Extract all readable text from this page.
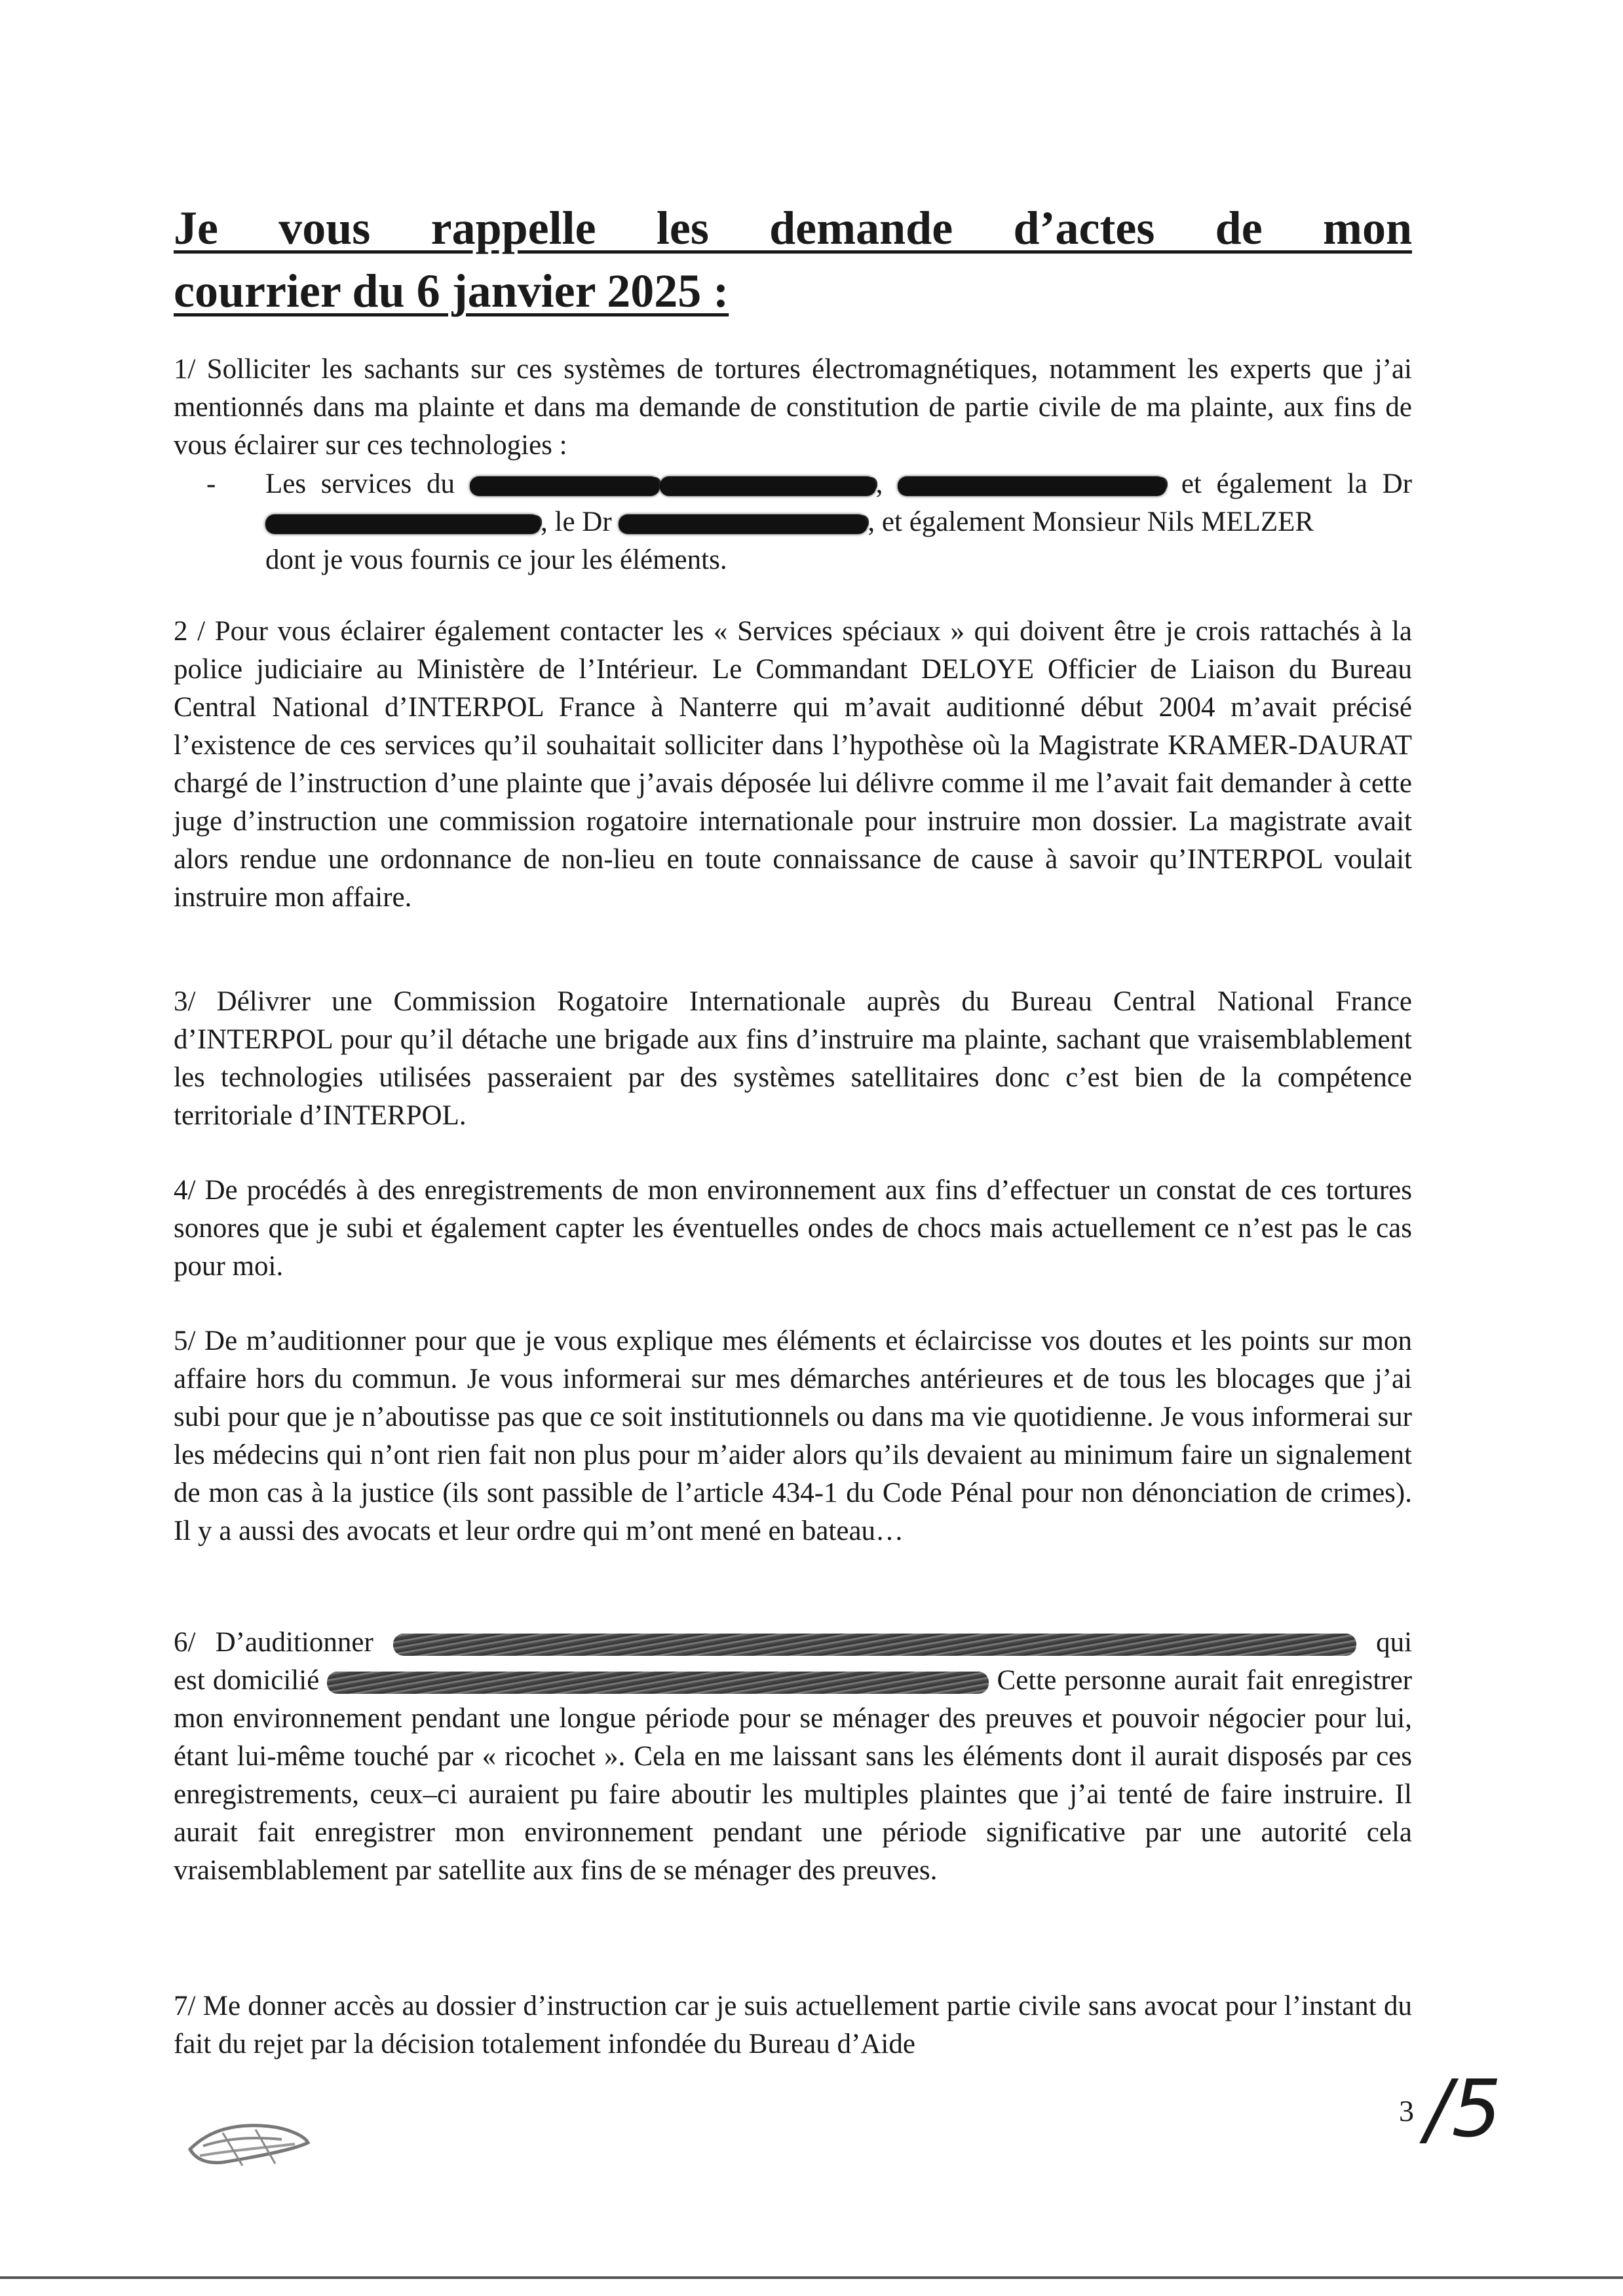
Je vous rappelle les demande d’actes de mon
courrier du 6 janvier 2025 :

1/ Solliciter les sachants sur ces systèmes de tortures électromagnétiques, notamment les experts que j’ai mentionnés dans ma plainte et dans ma demande de constitution de partie civile de ma plainte, aux fins de vous éclairer sur ces technologies :

- Les services du	,	et également la Dr
, le Dr	, et également Monsieur Nils MELZER
dont je vous fournis ce jour les éléments.

2 / Pour vous éclairer également contacter les « Services spéciaux » qui doivent être je crois rattachés à la police judiciaire au Ministère de l’Intérieur. Le Commandant DELOYE Officier de Liaison du Bureau Central National d’INTERPOL France à Nanterre qui m’avait auditionné début 2004 m’avait précisé l’existence de ces services qu’il souhaitait solliciter dans l’hypothèse où la Magistrate KRAMER-DAURAT chargé de l’instruction d’une plainte que j’avais déposée lui délivre comme il me l’avait fait demander à cette juge d’instruction une commission rogatoire internationale pour instruire mon dossier. La magistrate avait alors rendue une ordonnance de non-lieu en toute connaissance de cause à savoir qu’INTERPOL voulait instruire mon affaire.

3/ Délivrer une Commission Rogatoire Internationale auprès du Bureau Central National France d’INTERPOL pour qu’il détache une brigade aux fins d’instruire ma plainte, sachant que vraisemblablement les technologies utilisées passeraient par des systèmes satellitaires donc c’est bien de la compétence territoriale d’INTERPOL.

4/ De procédés à des enregistrements de mon environnement aux fins d’effectuer un constat de ces tortures sonores que je subi et également capter les éventuelles ondes de chocs mais actuellement ce n’est pas le cas pour moi.

5/ De m’auditionner pour que je vous explique mes éléments et éclaircisse vos doutes et les points sur mon affaire hors du commun. Je vous informerai sur mes démarches antérieures et de tous les blocages que j’ai subi pour que je n’aboutisse pas que ce soit institutionnels ou dans ma vie quotidienne. Je vous informerai sur les médecins qui n’ont rien fait non plus pour m’aider alors qu’ils devaient au minimum faire un signalement de mon cas à la justice (ils sont passible de l’article 434-1 du Code Pénal pour non dénonciation de crimes). Il y a aussi des avocats et leur ordre qui m’ont mené en bateau…

6/ D’auditionner	qui
est domicilié	Cette personne aurait fait enregistrer mon environnement pendant une longue période pour se ménager des preuves et pouvoir négocier pour lui, étant lui-même touché par « ricochet ». Cela en me laissant sans les éléments dont il aurait disposés par ces enregistrements, ceux–ci auraient pu faire aboutir les multiples plaintes que j’ai tenté de faire instruire. Il aurait fait enregistrer mon environnement pendant une période significative par une autorité cela vraisemblablement par satellite aux fins de se ménager des preuves.

7/ Me donner accès au dossier d’instruction car je suis actuellement partie civile sans avocat pour l’instant du fait du rejet par la décision totalement infondée du Bureau d’Aide

3 /5
